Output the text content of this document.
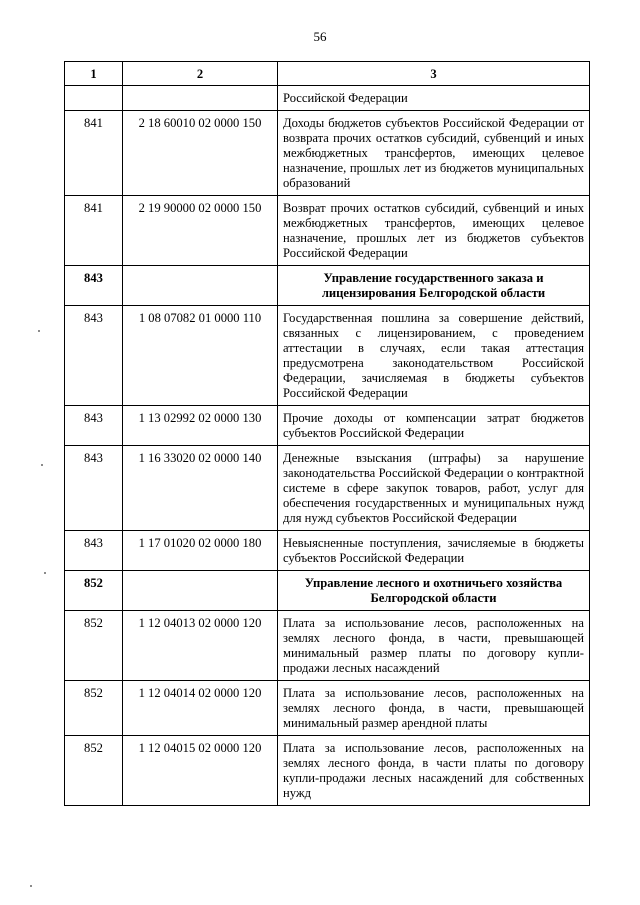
56
1	2	3
		Российской Федерации
841	2 18 60010 02 0000 150	Доходы бюджетов субъектов Российской Федерации от возврата прочих остатков субсидий, субвенций и иных межбюджетных трансфертов, имеющих целевое назначение, прошлых лет из бюджетов муниципальных образований
841	2 19 90000 02 0000 150	Возврат прочих остатков субсидий, субвенций и иных межбюджетных трансфертов, имеющих целевое назначение, прошлых лет из бюджетов субъектов Российской Федерации
843		Управление государственного заказа и лицензирования Белгородской области
843	1 08 07082 01 0000 110	Государственная пошлина за совершение действий, связанных с лицензированием, с проведением аттестации в случаях, если такая аттестация предусмотрена законодательством Российской Федерации, зачисляемая в бюджеты субъектов Российской Федерации
843	1 13 02992 02 0000 130	Прочие доходы от компенсации затрат бюджетов субъектов Российской Федерации
843	1 16 33020 02 0000 140	Денежные взыскания (штрафы) за нарушение законодательства Российской Федерации о контрактной системе в сфере закупок товаров, работ, услуг для обеспечения государственных и муниципальных нужд для нужд субъектов Российской Федерации
843	1 17 01020 02 0000 180	Невыясненные поступления, зачисляемые в бюджеты субъектов Российской Федерации
852		Управление лесного и охотничьего хозяйства Белгородской области
852	1 12 04013 02 0000 120	Плата за использование лесов, расположенных на землях лесного фонда, в части, превышающей минимальный размер платы по договору купли-продажи лесных насаждений
852	1 12 04014 02 0000 120	Плата за использование лесов, расположенных на землях лесного фонда, в части, превышающей минимальный размер арендной платы
852	1 12 04015 02 0000 120	Плата за использование лесов, расположенных на землях лесного фонда, в части платы по договору купли-продажи лесных насаждений для собственных нужд
